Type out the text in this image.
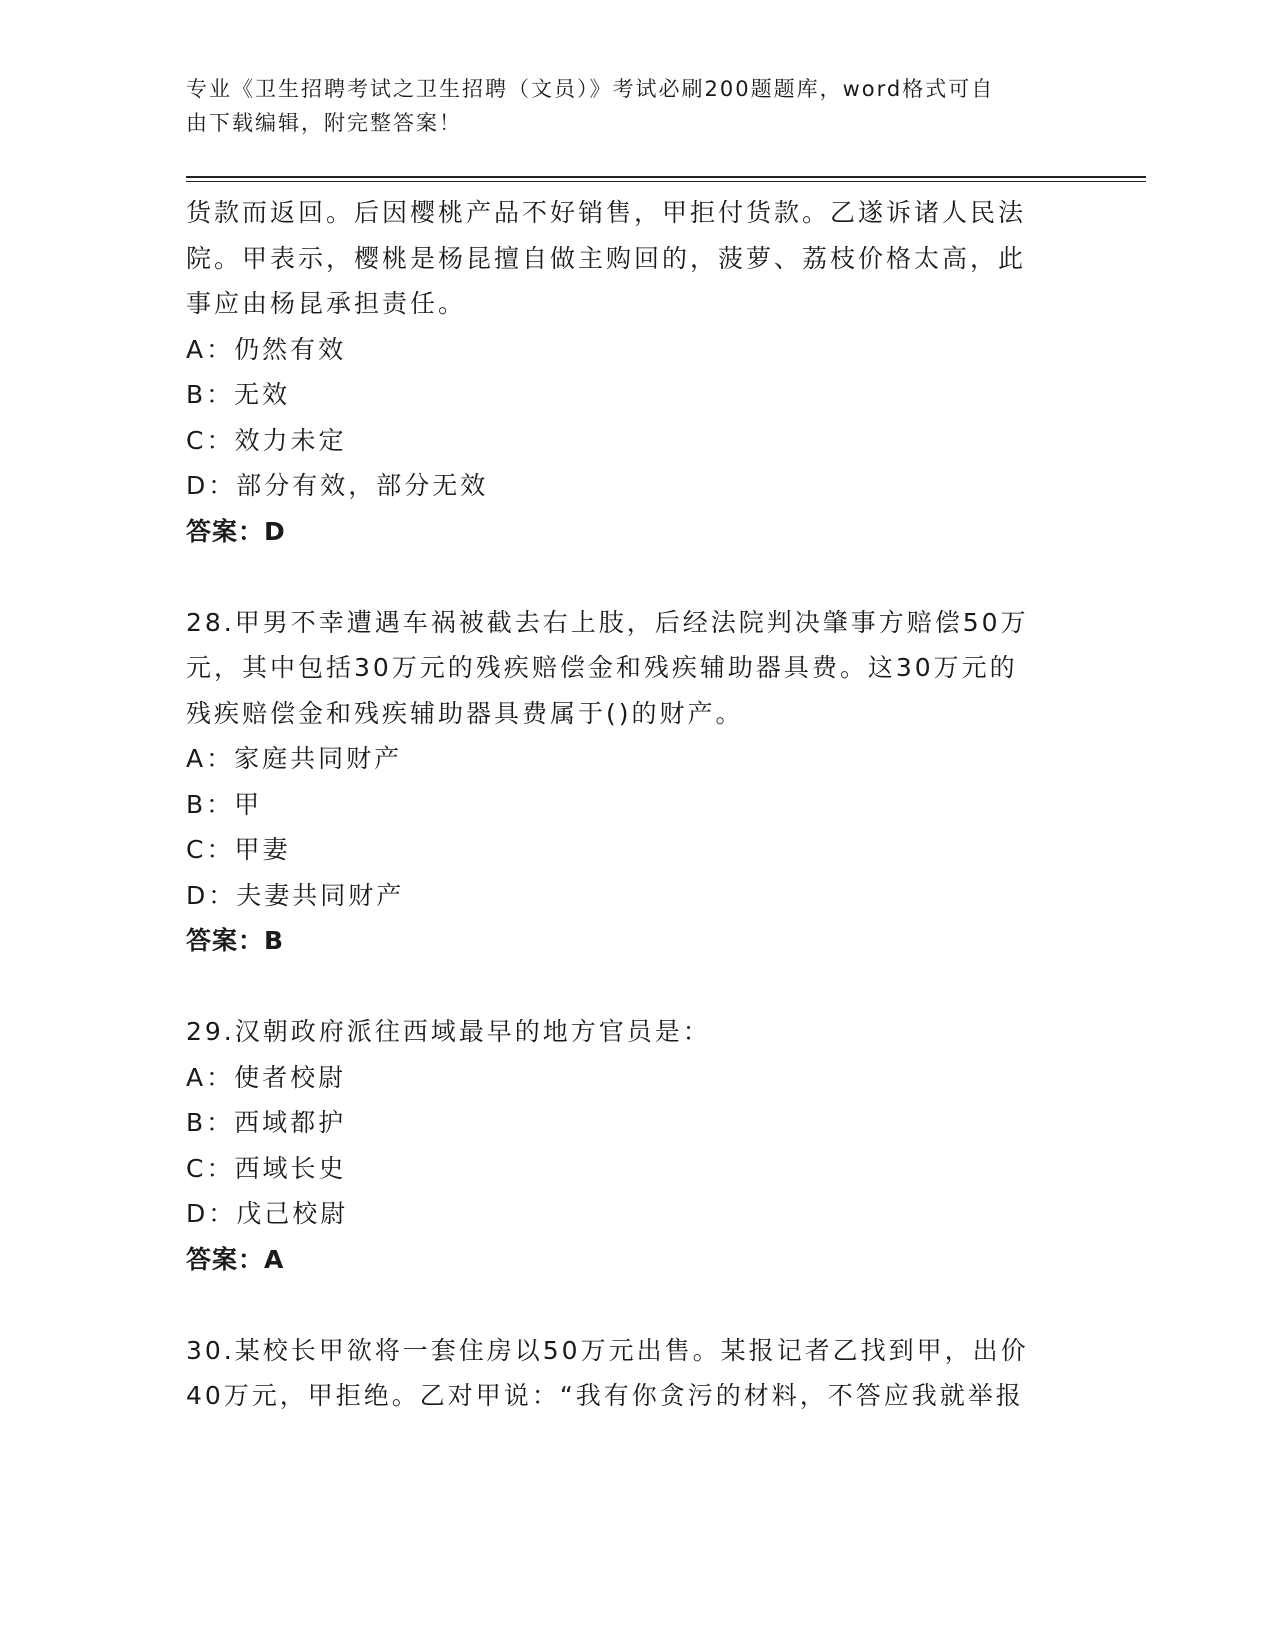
专业《卫生招聘考试之卫生招聘（文员）》考试必刷200题题库，word格式可自
由下载编辑，附完整答案！

货款而返回。后因樱桃产品不好销售，甲拒付货款。乙遂诉诸人民法

院。甲表示，樱桃是杨昆擅自做主购回的，菠萝、荔枝价格太高，此

事应由杨昆承担责任。

A：仍然有效

B：无效

C：效力未定

D：部分有效，部分无效

答案：D

28.甲男不幸遭遇车祸被截去右上肢，后经法院判决肇事方赔偿50万

元，其中包括30万元的残疾赔偿金和残疾辅助器具费。这30万元的

残疾赔偿金和残疾辅助器具费属于()的财产。

A：家庭共同财产

B：甲

C：甲妻

D：夫妻共同财产

答案：B

29.汉朝政府派往西域最早的地方官员是：

A：使者校尉

B：西域都护

C：西域长史

D：戊己校尉

答案：A

30.某校长甲欲将一套住房以50万元出售。某报记者乙找到甲，出价

40万元，甲拒绝。乙对甲说：“我有你贪污的材料，不答应我就举报
